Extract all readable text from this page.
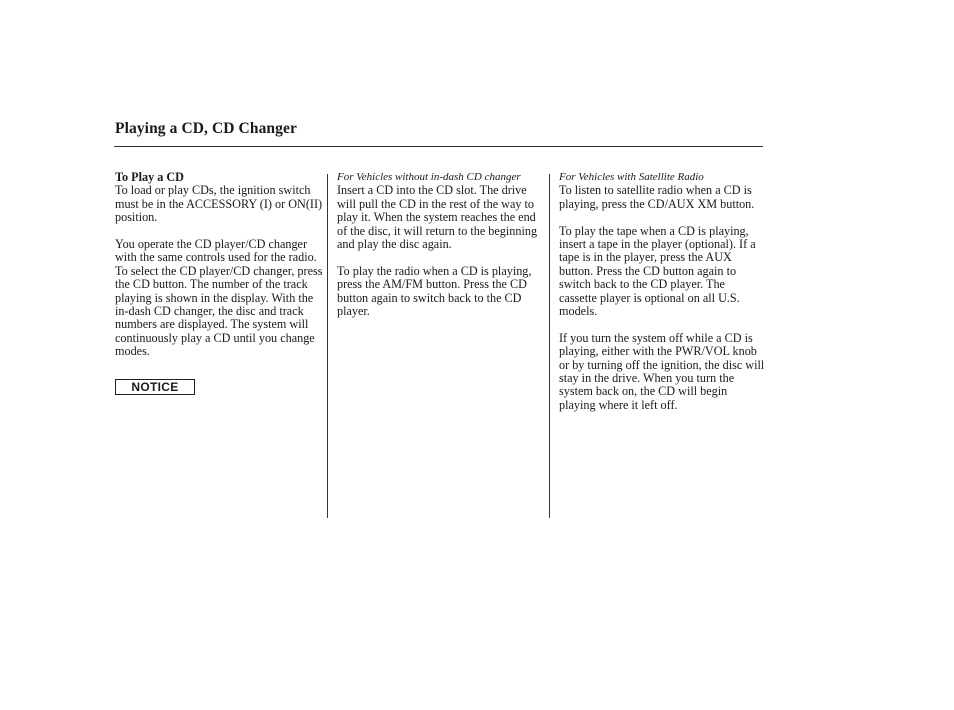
Playing a CD, CD Changer
To Play a CD

To load or play CDs, the ignition switch must be in the ACCESSORY (I) or ON(II) position.

You operate the CD player/CD changer with the same controls used for the radio. To select the CD player/CD changer, press the CD button. The number of the track playing is shown in the display. With the in-dash CD changer, the disc and track numbers are displayed. The system will continuously play a CD until you change modes.

NOTICE
For Vehicles without in-dash CD changer

Insert a CD into the CD slot. The drive will pull the CD in the rest of the way to play it. When the system reaches the end of the disc, it will return to the beginning and play the disc again.

To play the radio when a CD is playing, press the AM/FM button. Press the CD button again to switch back to the CD player.

For Vehicles with Satellite Radio

To listen to satellite radio when a CD is playing, press the CD/AUX XM button.

To play the tape when a CD is playing, insert a tape in the player (optional). If a tape is in the player, press the AUX button. Press the CD button again to switch back to the CD player. The cassette player is optional on all U.S. models.

If you turn the system off while a CD is playing, either with the PWR/VOL knob or by turning off the ignition, the disc will stay in the drive. When you turn the system back on, the CD will begin playing where it left off.
